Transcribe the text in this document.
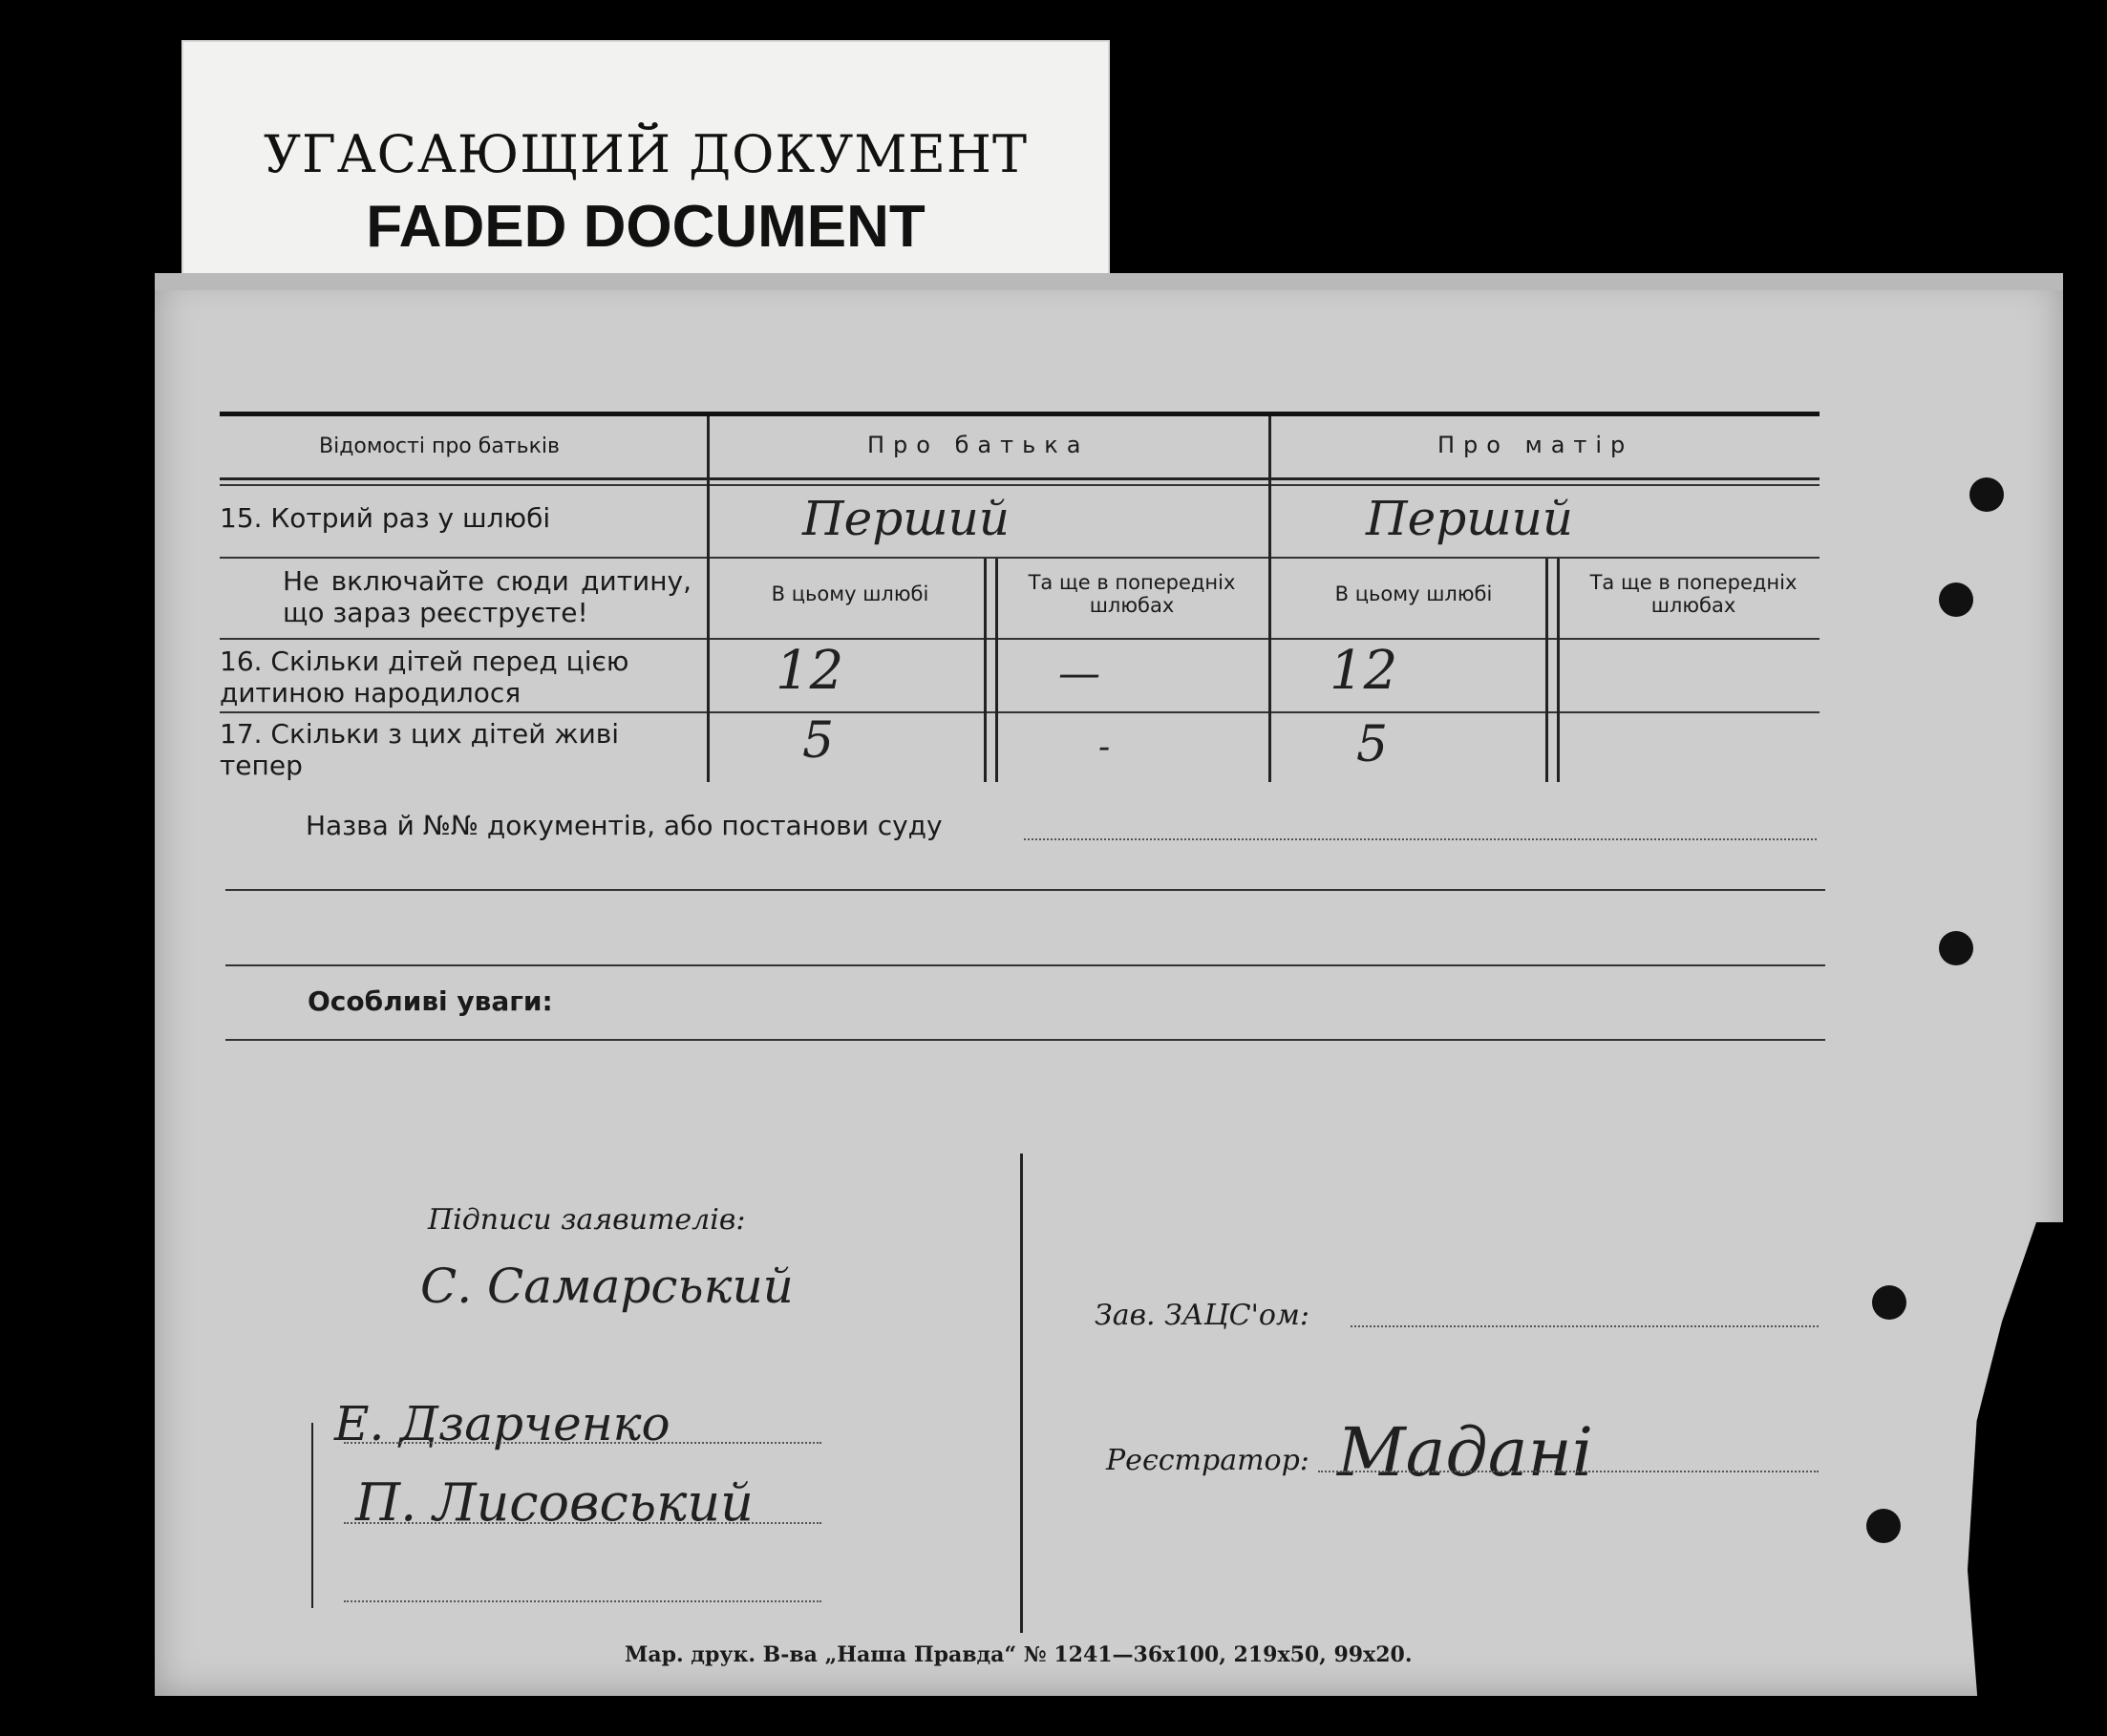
УГАСАЮЩИЙ ДОКУМЕНТ
FADED DOCUMENT
Відомості про батьків	Про батька	Про матір
15. Котрий раз у шлюбі	Перший	Перший
Не включайте сюди дитину, що зараз реєструєте!
В цьому шлюбі	Та ще в попередніх шлюбах	В цьому шлюбі	Та ще в попередніх шлюбах
16. Скільки дітей перед цією дитиною народилося	12	—	12
17. Скільки з цих дітей живі тепер	5	-	5
Назва й №№ документів, або постанови суду
Особливі уваги:
Підписи заявителів:
С. Самарський
Е. Дзарченко
П. Лисовський
Зав. ЗАЦС'ом:
Реєстратор: Мадані
Мар. друк. В-ва „Наша Правда“ № 1241—36х100, 219х50, 99х20.
